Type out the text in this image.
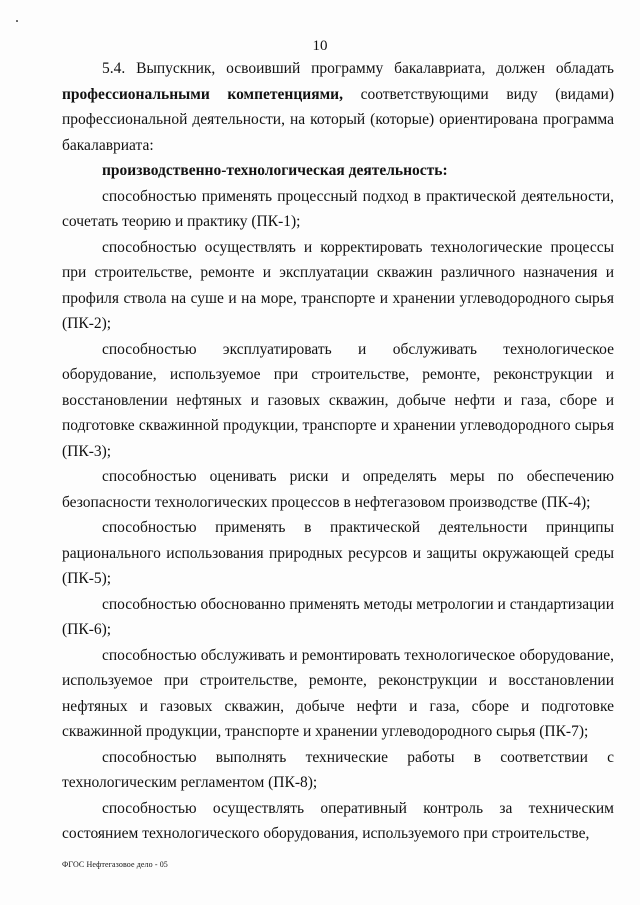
10

5.4. Выпускник, освоивший программу бакалавриата, должен обладать профессиональными компетенциями, соответствующими виду (видами) профессиональной деятельности, на который (которые) ориентирована программа бакалавриата:

производственно-технологическая деятельность:

способностью применять процессный подход в практической деятельности, сочетать теорию и практику (ПК-1);

способностью осуществлять и корректировать технологические процессы при строительстве, ремонте и эксплуатации скважин различного назначения и профиля ствола на суше и на море, транспорте и хранении углеводородного сырья (ПК-2);

способностью эксплуатировать и обслуживать технологическое оборудование, используемое при строительстве, ремонте, реконструкции и восстановлении нефтяных и газовых скважин, добыче нефти и газа, сборе и подготовке скважинной продукции, транспорте и хранении углеводородного сырья (ПК-3);

способностью оценивать риски и определять меры по обеспечению безопасности технологических процессов в нефтегазовом производстве (ПК-4);

способностью применять в практической деятельности принципы рационального использования природных ресурсов и защиты окружающей среды (ПК-5);

способностью обоснованно применять методы метрологии и стандартизации (ПК-6);

способностью обслуживать и ремонтировать технологическое оборудование, используемое при строительстве, ремонте, реконструкции и восстановлении нефтяных и газовых скважин, добыче нефти и газа, сборе и подготовке скважинной продукции, транспорте и хранении углеводородного сырья (ПК-7);

способностью выполнять технические работы в соответствии с технологическим регламентом (ПК-8);

способностью осуществлять оперативный контроль за техническим состоянием технологического оборудования, используемого при строительстве,

ФГОС Нефтегазовое дело - 05
